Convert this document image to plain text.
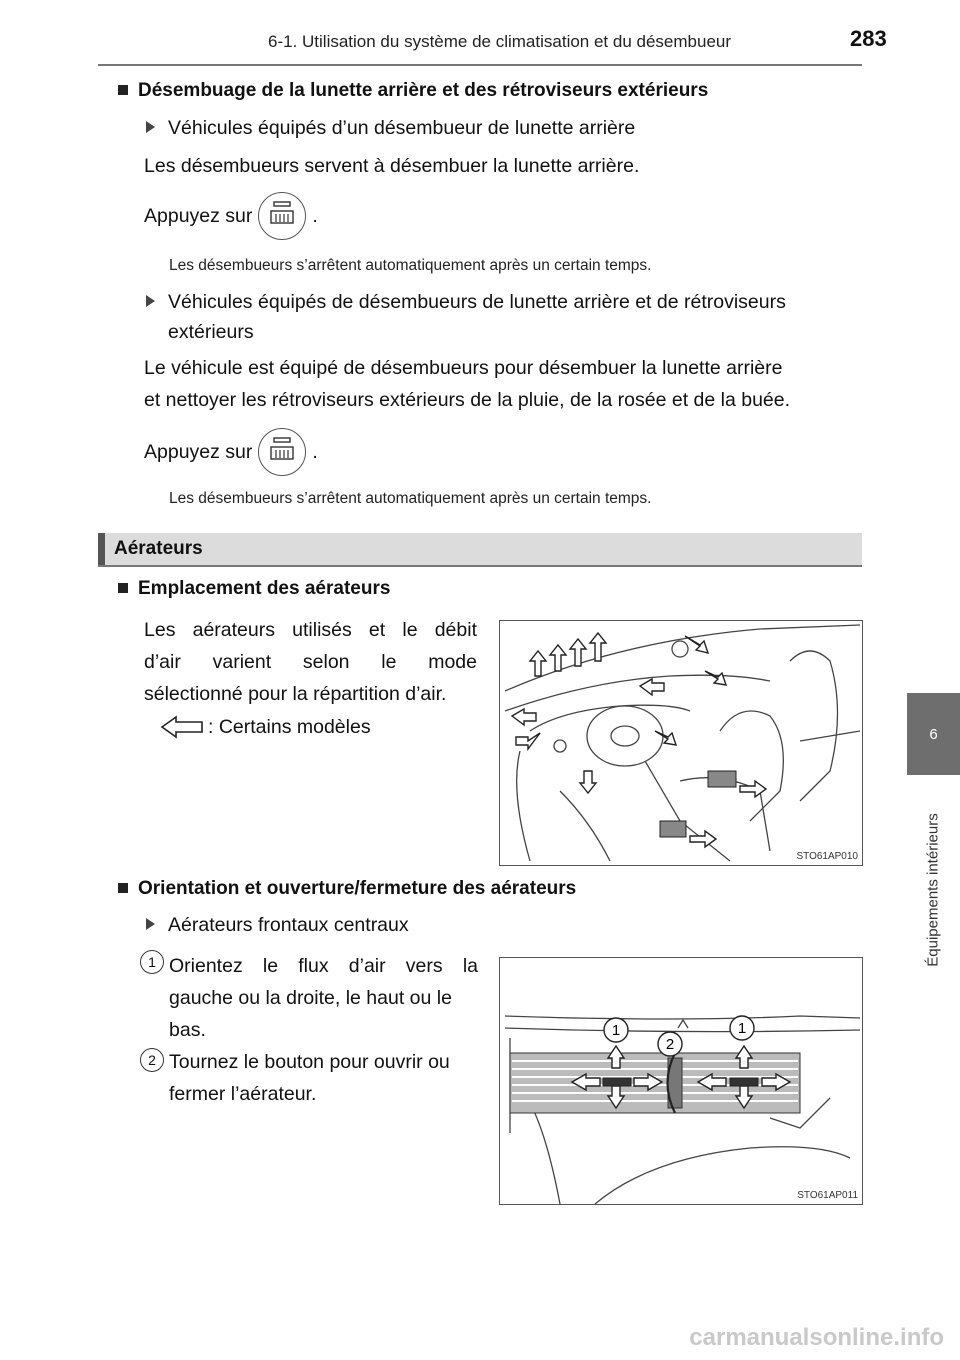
6-1. Utilisation du système de climatisation et du désembueur	283
6
Équipements intérieurs
Désembuage de la lunette arrière et des rétroviseurs extérieurs
Véhicules équipés d’un désembueur de lunette arrière
Les désembueurs servent à désembuer la lunette arrière.
Appuyez sur	.
Les désembueurs s’arrêtent automatiquement après un certain temps.
Véhicules équipés de désembueurs de lunette arrière et de rétroviseurs
extérieurs
Le véhicule est équipé de désembueurs pour désembuer la lunette arrière
et nettoyer les rétroviseurs extérieurs de la pluie, de la rosée et de la buée.
Appuyez sur	.
Les désembueurs s’arrêtent automatiquement après un certain temps.
Aérateurs
Emplacement des aérateurs
Les aérateurs utilisés et le débit
d’air varient selon le mode
sélectionné pour la répartition d’air.
: Certains modèles
STO61AP010
Orientation et ouverture/fermeture des aérateurs
Aérateurs frontaux centraux
1 Orientez le flux d’air vers la
gauche ou la droite, le haut ou le
bas.
2 Tournez le bouton pour ouvrir ou
fermer l’aérateur.
1
2
1
STO61AP011
carmanualsonline.info
